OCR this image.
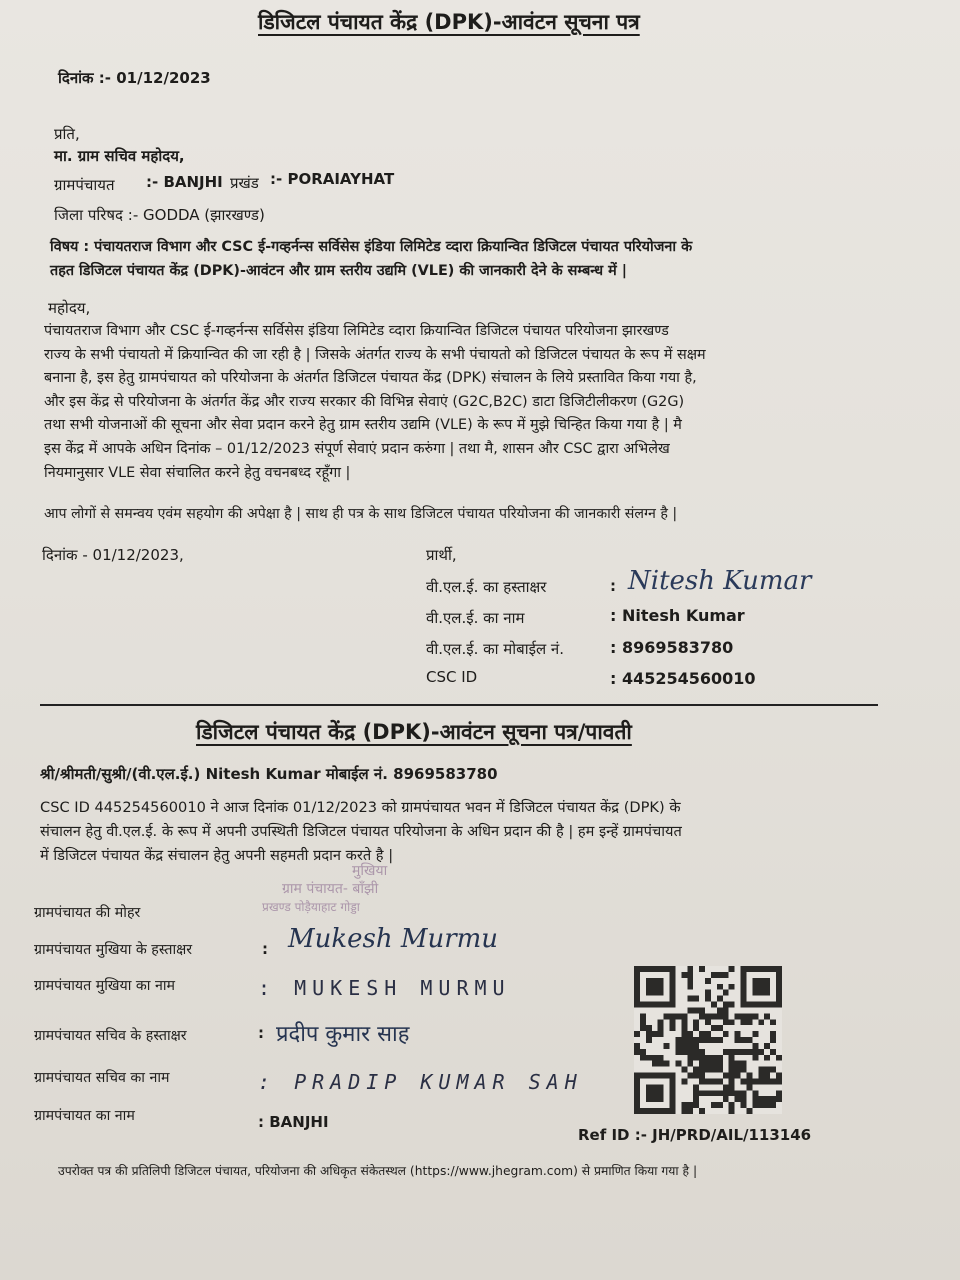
डिजिटल पंचायत केंद्र (DPK)-आवंटन सूचना पत्र
दिनांक :- 01/12/2023
प्रति,
मा. ग्राम सचिव महोदय,
ग्रामपंचायत :- BANJHI प्रखंड :- PORAIAYHAT
जिला परिषद :- GODDA (झारखण्ड)

विषय : पंचायतराज विभाग और CSC ई-गव्हर्नन्स सर्विसेस इंडिया लिमिटेड व्दारा क्रियान्वित डिजिटल पंचायत परियोजना के

तहत डिजिटल पंचायत केंद्र (DPK)-आवंटन और ग्राम स्तरीय उद्यमि (VLE) की जानकारी देने के सम्बन्ध में |

महोदय,

पंचायतराज विभाग और CSC ई-गव्हर्नन्स सर्विसेस इंडिया लिमिटेड व्दारा क्रियान्वित डिजिटल पंचायत परियोजना झारखण्ड

राज्य के सभी पंचायतो में क्रियान्वित की जा रही है | जिसके अंतर्गत राज्य के सभी पंचायतो को डिजिटल पंचायत के रूप में सक्षम

बनाना है, इस हेतु ग्रामपंचायत को परियोजना के अंतर्गत डिजिटल पंचायत केंद्र (DPK) संचालन के लिये प्रस्तावित किया गया है,

और इस केंद्र से परियोजना के अंतर्गत केंद्र और राज्य सरकार की विभिन्न सेवाएं (G2C,B2C) डाटा डिजिटीलीकरण (G2G)

तथा सभी योजनाओं की सूचना और सेवा प्रदान करने हेतु ग्राम स्तरीय उद्यमि (VLE) के रूप में मुझे चिन्हित किया गया है | मै

इस केंद्र में आपके अधिन दिनांक – 01/12/2023 संपूर्ण सेवाएं प्रदान करुंगा | तथा मै, शासन और CSC द्वारा अभिलेख

नियमानुसार VLE सेवा संचालित करने हेतु वचनबध्द रहूँगा |

आप लोगों से समन्वय एवंम सहयोग की अपेक्षा है | साथ ही पत्र के साथ डिजिटल पंचायत परियोजना की जानकारी संलग्न है |
दिनांक - 01/12/2023,	प्रार्थी,
वी.एल.ई. का हस्ताक्षर	: Nitesh Kumar
वी.एल.ई. का नाम	: Nitesh Kumar
वी.एल.ई. का मोबाईल नं.	: 8969583780
CSC ID	: 445254560010
डिजिटल पंचायत केंद्र (DPK)-आवंटन सूचना पत्र/पावती
श्री/श्रीमती/सुश्री/(वी.एल.ई.) Nitesh Kumar मोबाईल नं. 8969583780

CSC ID 445254560010 ने आज दिनांक 01/12/2023 को ग्रामपंचायत भवन में डिजिटल पंचायत केंद्र (DPK) के

संचालन हेतु वी.एल.ई. के रूप में अपनी उपस्थिती डिजिटल पंचायत परियोजना के अधिन प्रदान की है | हम इन्हें ग्रामपंचायत

में डिजिटल पंचायत केंद्र संचालन हेतु अपनी सहमती प्रदान करते है |

मुखिया
ग्राम पंचायत- बाँझी
प्रखण्ड पोड़ैयाहाट गोड्डा
ग्रामपंचायत की मोहर
ग्रामपंचायत मुखिया के हस्ताक्षर	: Mukesh Murmu
ग्रामपंचायत मुखिया का नाम	: MUKESH MURMU
ग्रामपंचायत सचिव के हस्ताक्षर	: प्रदीप कुमार साह
ग्रामपंचायत सचिव का नाम	: PRADIP KUMAR SAH
ग्रामपंचायत का नाम	: BANJHI
Ref ID :- JH/PRD/AIL/113146
उपरोक्त पत्र की प्रतिलिपी डिजिटल पंचायत, परियोजना की अधिकृत संकेतस्थल (https://www.jhegram.com) से प्रमाणित किया गया है |
